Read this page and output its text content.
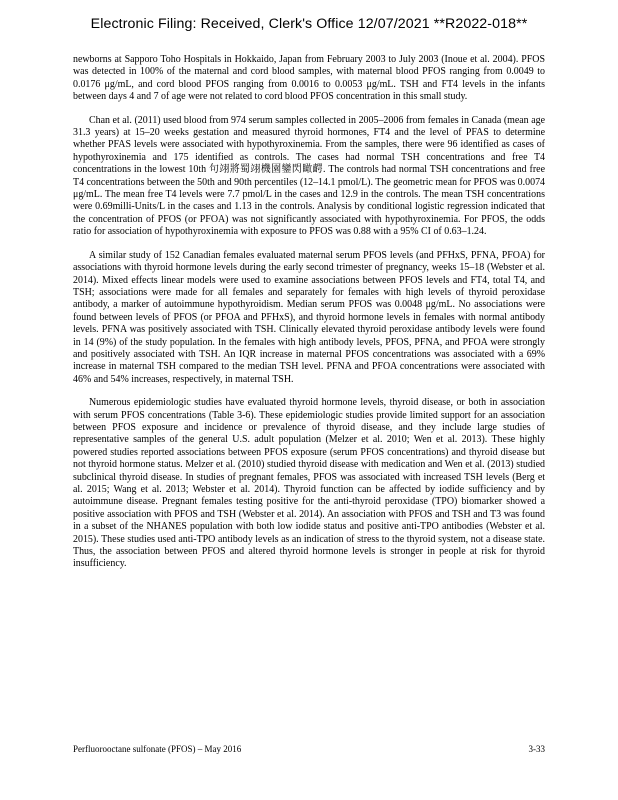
Electronic Filing: Received, Clerk's Office 12/07/2021 **R2022-018**

newborns at Sapporo Toho Hospitals in Hokkaido, Japan from February 2003 to July 2003 (Inoue et al. 2004). PFOS was detected in 100% of the maternal and cord blood samples, with maternal blood PFOS ranging from 0.0049 to 0.0176 μg/mL, and cord blood PFOS ranging from 0.0016 to 0.0053 μg/mL. TSH and FT4 levels in the infants between days 4 and 7 of age were not related to cord blood PFOS concentration in this small study.

Chan et al. (2011) used blood from 974 serum samples collected in 2005–2006 from females in Canada (mean age 31.3 years) at 15–20 weeks gestation and measured thyroid hormones, FT4 and the level of PFAS to determine whether PFAS levels were associated with hypothyroxinemia. From the samples, there were 96 identified as cases of hypothyroxinemia and 175 identified as controls. The cases had normal TSH concentrations and free T4 concentrations in the lowest 10th 句翊將蜀翊機園鑾閃瞰齶. The controls had normal TSH concentrations and free T4 concentrations between the 50th and 90th percentiles (12–14.1 pmol/L). The geometric mean for PFOS was 0.0074 μg/mL. The mean free T4 levels were 7.7 pmol/L in the cases and 12.9 in the controls. The mean TSH concentrations were 0.69milli-Units/L in the cases and 1.13 in the controls. Analysis by conditional logistic regression indicated that the concentration of PFOS (or PFOA) was not significantly associated with hypothyroxinemia. For PFOS, the odds ratio for association of hypothyroxinemia with exposure to PFOS was 0.88 with a 95% CI of 0.63–1.24.

A similar study of 152 Canadian females evaluated maternal serum PFOS levels (and PFHxS, PFNA, PFOA) for associations with thyroid hormone levels during the early second trimester of pregnancy, weeks 15–18 (Webster et al. 2014). Mixed effects linear models were used to examine associations between PFOS levels and FT4, total T4, and TSH; associations were made for all females and separately for females with high levels of thyroid peroxidase antibody, a marker of autoimmune hypothyroidism. Median serum PFOS was 0.0048 μg/mL. No associations were found between levels of PFOS (or PFOA and PFHxS), and thyroid hormone levels in females with normal antibody levels. PFNA was positively associated with TSH. Clinically elevated thyroid peroxidase antibody levels were found in 14 (9%) of the study population. In the females with high antibody levels, PFOS, PFNA, and PFOA were strongly and positively associated with TSH. An IQR increase in maternal PFOS concentrations was associated with a 69% increase in maternal TSH compared to the median TSH level. PFNA and PFOA concentrations were associated with 46% and 54% increases, respectively, in maternal TSH.

Numerous epidemiologic studies have evaluated thyroid hormone levels, thyroid disease, or both in association with serum PFOS concentrations (Table 3-6). These epidemiologic studies provide limited support for an association between PFOS exposure and incidence or prevalence of thyroid disease, and they include large studies of representative samples of the general U.S. adult population (Melzer et al. 2010; Wen et al. 2013). These highly powered studies reported associations between PFOS exposure (serum PFOS concentrations) and thyroid disease but not thyroid hormone status. Melzer et al. (2010) studied thyroid disease with medication and Wen et al. (2013) studied subclinical thyroid disease. In studies of pregnant females, PFOS was associated with increased TSH levels (Berg et al. 2015; Wang et al. 2013; Webster et al. 2014). Thyroid function can be affected by iodide sufficiency and by autoimmune disease. Pregnant females testing positive for the anti-thyroid peroxidase (TPO) biomarker showed a positive association with PFOS and TSH (Webster et al. 2014). An association with PFOS and TSH and T3 was found in a subset of the NHANES population with both low iodide status and positive anti-TPO antibodies (Webster et al. 2015). These studies used anti-TPO antibody levels as an indication of stress to the thyroid system, not a disease state. Thus, the association between PFOS and altered thyroid hormone levels is stronger in people at risk for thyroid insufficiency.

Perfluorooctane sulfonate (PFOS) – May 2016	3-33
